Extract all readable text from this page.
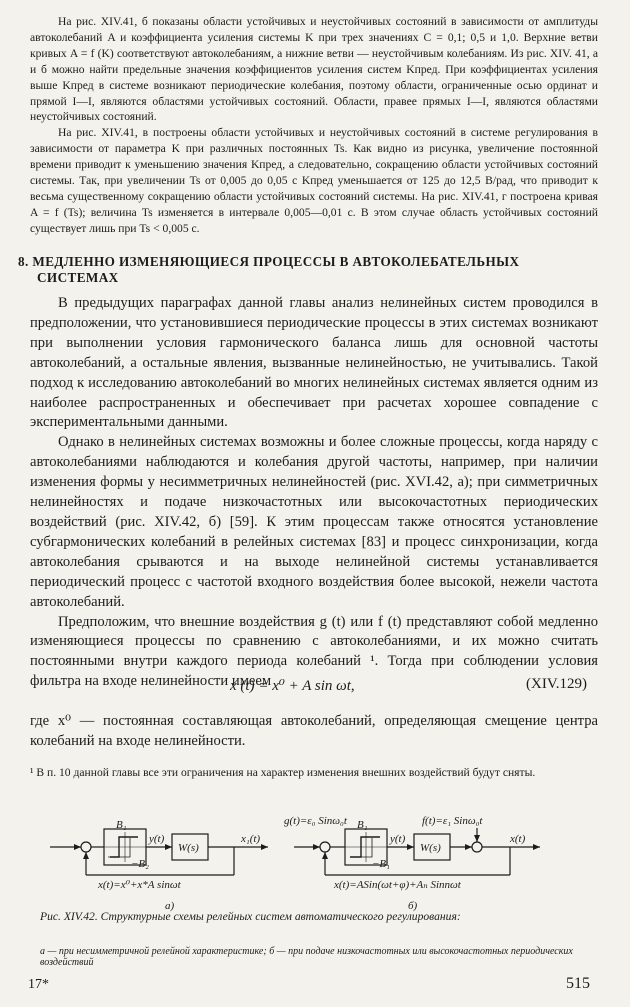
На рис. XIV.41, б показаны области устойчивых и неустойчивых состояний в зависимости от амплитуды автоколебаний A и коэффициента усиления системы K при трех значениях C = 0,1; 0,5 и 1,0. Верхние ветви кривых A = f (K) соответствуют автоколебаниям, а нижние ветви — неустойчивым колебаниям. Из рис. XIV. 41, а и б можно найти предельные значения коэффициентов усиления систем Kпред. При коэффициентах усиления выше Kпред в системе возникают периодические колебания, поэтому области, ограниченные осью ординат и прямой I—I, являются областями устойчивых состояний. Области, правее прямых I—I, являются областями неустойчивых состояний.

На рис. XIV.41, в построены области устойчивых и неустойчивых состояний в системе регулирования в зависимости от параметра K при различных постоянных Ts. Как видно из рисунка, увеличение постоянной времени приводит к уменьшению значения Kпред, а следовательно, сокращению области устойчивых состояний системы. Так, при увеличении Ts от 0,005 до 0,05 с Kпред уменьшается от 125 до 12,5 В/рад, что приводит к весьма существенному сокращению области устойчивых состояний системы. На рис. XIV.41, г построена кривая A = f (Ts); величина Ts изменяется в интервале 0,005—0,01 с. В этом случае область устойчивых состояний существует лишь при Ts < 0,005 с.

8. МЕДЛЕННО ИЗМЕНЯЮЩИЕСЯ ПРОЦЕССЫ В АВТОКОЛЕБАТЕЛЬНЫХ
СИСТЕМАХ

В предыдущих параграфах данной главы анализ нелинейных систем проводился в предположении, что установившиеся периодические процессы в этих системах возникают при выполнении условия гармонического баланса лишь для основной частоты автоколебаний, а остальные явления, вызванные нелинейностью, не учитывались. Такой подход к исследованию автоколебаний во многих нелинейных системах является одним из наиболее распространенных и обеспечивает при расчетах хорошее совпадение с экспериментальными данными.

Однако в нелинейных системах возможны и более сложные процессы, когда наряду с автоколебаниями наблюдаются и колебания другой частоты, например, при наличии изменения формы у несимметричных нелинейностей (рис. XVI.42, а); при симметричных нелинейностях и подаче низкочастотных или высокочастотных периодических воздействий (рис. XIV.42, б) [59]. К этим процессам также относятся установление субгармонических колебаний в релейных системах [83] и процесс синхронизации, когда автоколебания срываются и на выходе нелинейной системы устанавливается периодический процесс с частотой входного воздействия более высокой, нежели частота автоколебаний.

Предположим, что внешние воздействия g (t) или f (t) представляют собой медленно изменяющиеся процессы по сравнению с автоколебаниями, и их можно считать постоянными внутри каждого периода колебаний ¹. Тогда при соблюдении условия фильтра на входе нелинейности имеем

x (t) = x⁰ + A sin ωt,	(XIV.129)
где x⁰ — постоянная составляющая автоколебаний, определяющая смещение центра колебаний на входе нелинейности.
¹ В п. 10 данной главы все эти ограничения на характер изменения внешних воздействий будут сняты.
B₁
−B₂
y(t)
W(s)
x₁(t)
x(t)=x⁰+x*A sinωt
а)
g(t)=ε₀ Sinω₀t	f(t)=ε₁ Sinω₀t
B₁
−B₁
y(t)
W(s)
x(t)
x(t)=ASin(ωt+φ)+Aₙ Sinnωt
б)
Рис. XIV.42. Структурные схемы релейных систем автоматического регулирования:
а — при несимметричной релейной характеристике; б — при подаче низкочастотных или высокочастотных периодических воздействий
17*	515
